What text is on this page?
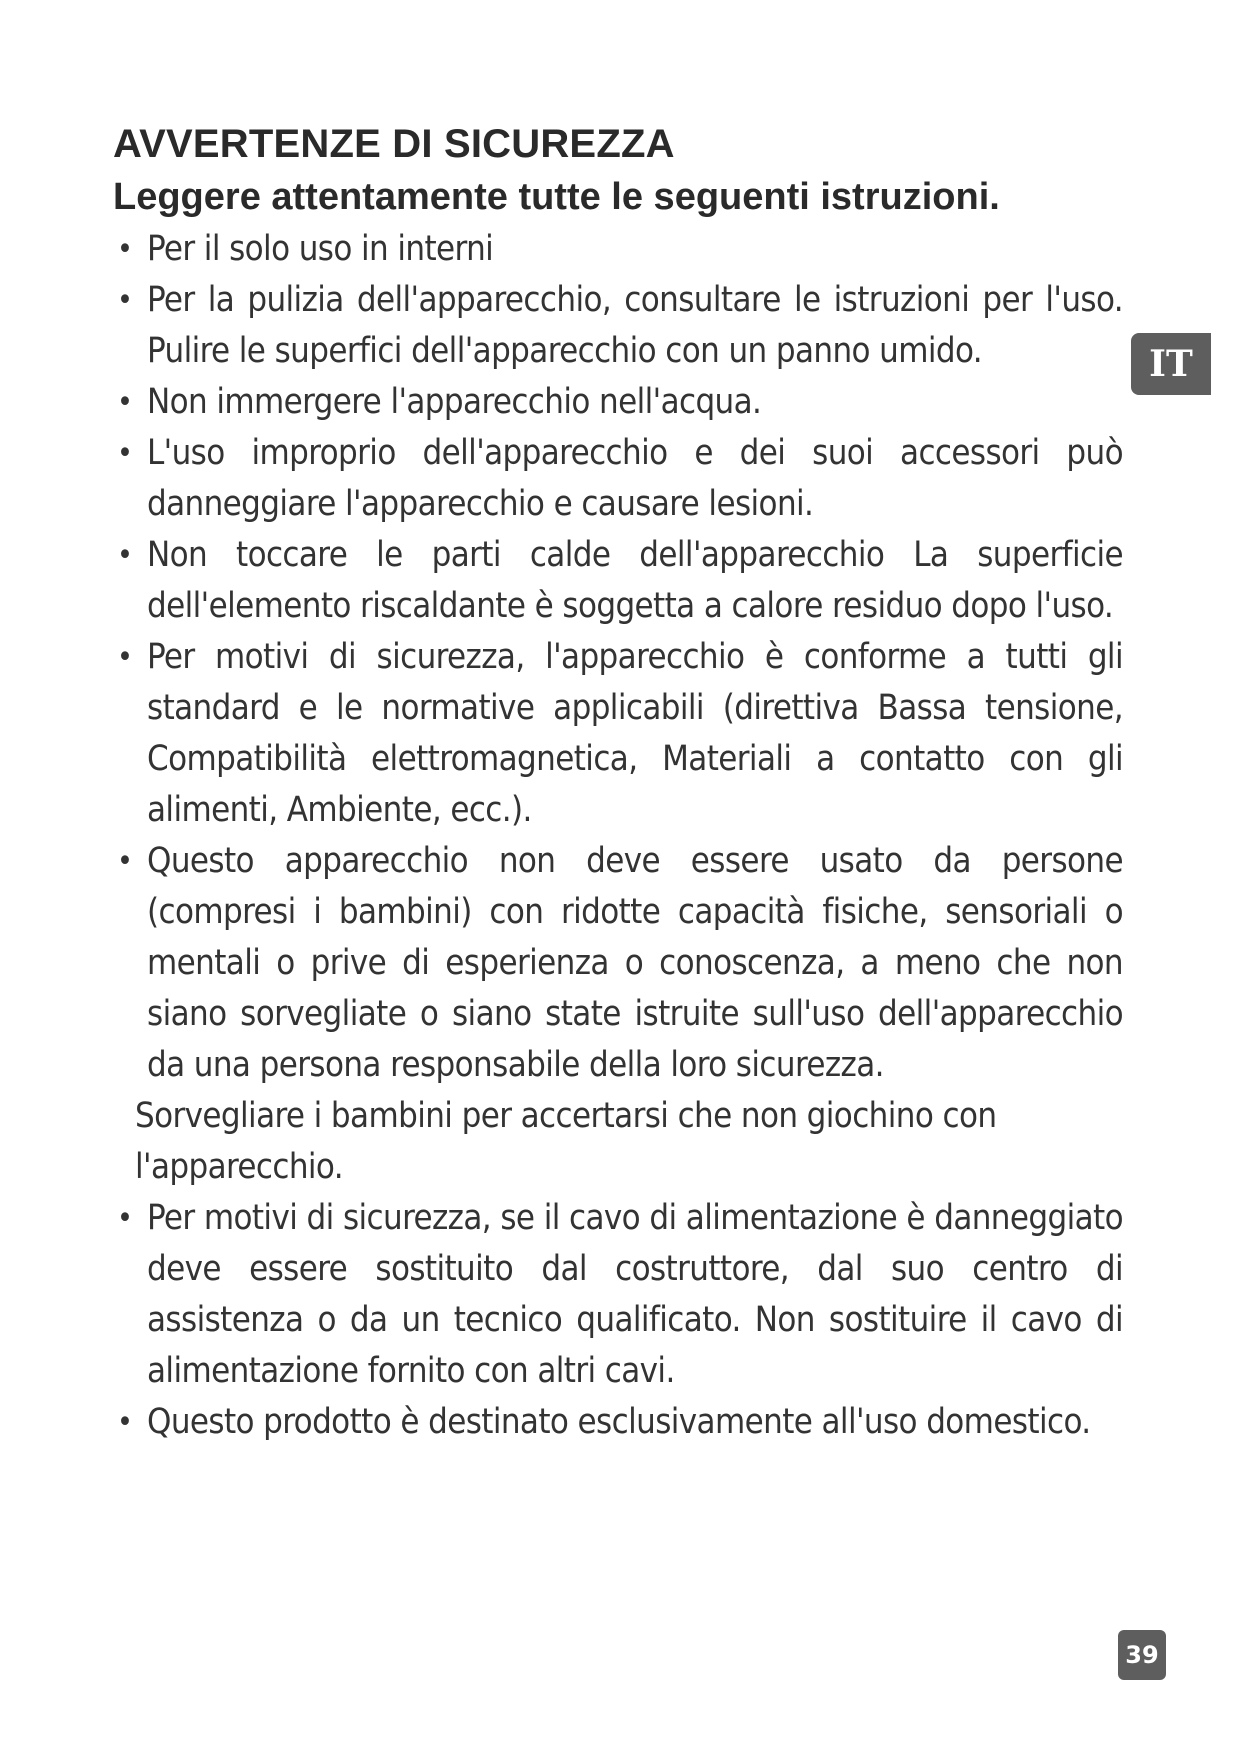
AVVERTENZE DI SICUREZZA
Leggere attentamente tutte le seguenti istruzioni.
• Per il solo uso in interni
• Per la pulizia dell'apparecchio, consultare le istruzioni per l'uso. Pulire le superfici dell'apparecchio con un panno umido.
• Non immergere l'apparecchio nell'acqua.
• L'uso improprio dell'apparecchio e dei suoi accessori può danneggiare l'apparecchio e causare lesioni.
• Non toccare le parti calde dell'apparecchio La superficie dell'elemento riscaldante è soggetta a calore residuo dopo l'uso.
• Per motivi di sicurezza, l'apparecchio è conforme a tutti gli standard e le normative applicabili (direttiva Bassa tensione, Compatibilità elettromagnetica, Materiali a contatto con gli alimenti, Ambiente, ecc.).
• Questo apparecchio non deve essere usato da persone (compresi i bambini) con ridotte capacità fisiche, sensoriali o mentali o prive di esperienza o conoscenza, a meno che non siano sorvegliate o siano state istruite sull'uso dell'apparecchio da una persona responsabile della loro sicurezza.
Sorvegliare i bambini per accertarsi che non giochino con l'apparecchio.
• Per motivi di sicurezza, se il cavo di alimentazione è danneggiato deve essere sostituito dal costruttore, dal suo centro di assistenza o da un tecnico qualificato. Non sostituire il cavo di alimentazione fornito con altri cavi.
• Questo prodotto è destinato esclusivamente all'uso domestico.
IT
39
